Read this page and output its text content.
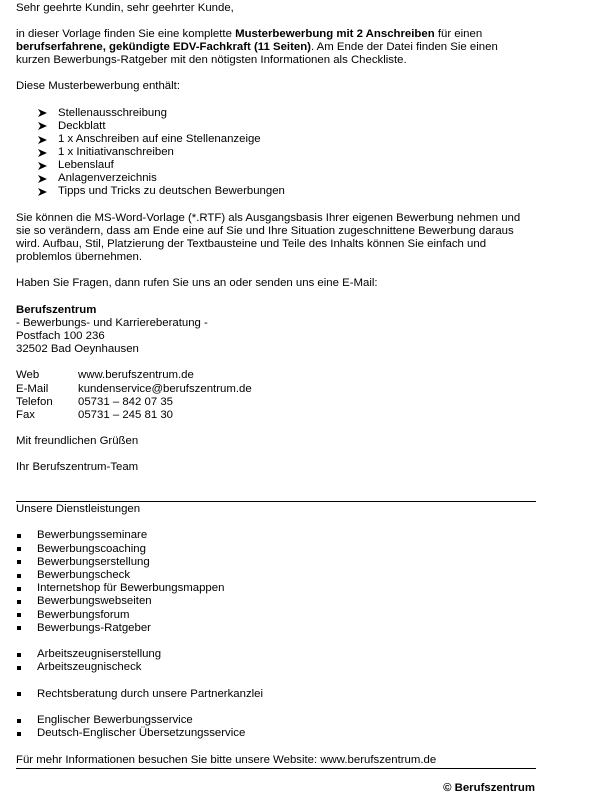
Sehr geehrte Kundin, sehr geehrter Kunde,
in dieser Vorlage finden Sie eine komplette Musterbewerbung mit 2 Anschreiben für einen
berufserfahrene, gekündigte EDV-Fachkraft (11 Seiten). Am Ende der Datei finden Sie einen
kurzen Bewerbungs-Ratgeber mit den nötigsten Informationen als Checkliste.
Diese Musterbewerbung enthält:
Stellenausschreibung
Deckblatt
1 x Anschreiben auf eine Stellenanzeige
1 x Initiativanschreiben
Lebenslauf
Anlagenverzeichnis
Tipps und Tricks zu deutschen Bewerbungen
Sie können die MS-Word-Vorlage (*.RTF) als Ausgangsbasis Ihrer eigenen Bewerbung nehmen und
sie so verändern, dass am Ende eine auf Sie und Ihre Situation zugeschnittene Bewerbung daraus
wird. Aufbau, Stil, Platzierung der Textbausteine und Teile des Inhalts können Sie einfach und
problemlos übernehmen.
Haben Sie Fragen, dann rufen Sie uns an oder senden uns eine E-Mail:
Berufszentrum
- Bewerbungs- und Karriereberatung -
Postfach 100 236
32502 Bad Oeynhausen
Web	www.berufszentrum.de
E-Mail	kundenservice@berufszentrum.de
Telefon	05731 – 842 07 35
Fax	05731 – 245 81 30
Mit freundlichen Grüßen
Ihr Berufszentrum-Team
Unsere Dienstleistungen
Bewerbungsseminare
Bewerbungscoaching
Bewerbungserstellung
Bewerbungscheck
Internetshop für Bewerbungsmappen
Bewerbungswebseiten
Bewerbungsforum
Bewerbungs-Ratgeber
Arbeitszeugniserstellung
Arbeitszeugnischeck
Rechtsberatung durch unsere Partnerkanzlei
Englischer Bewerbungsservice
Deutsch-Englischer Übersetzungsservice
Für mehr Informationen besuchen Sie bitte unsere Website: www.berufszentrum.de
© Berufszentrum
